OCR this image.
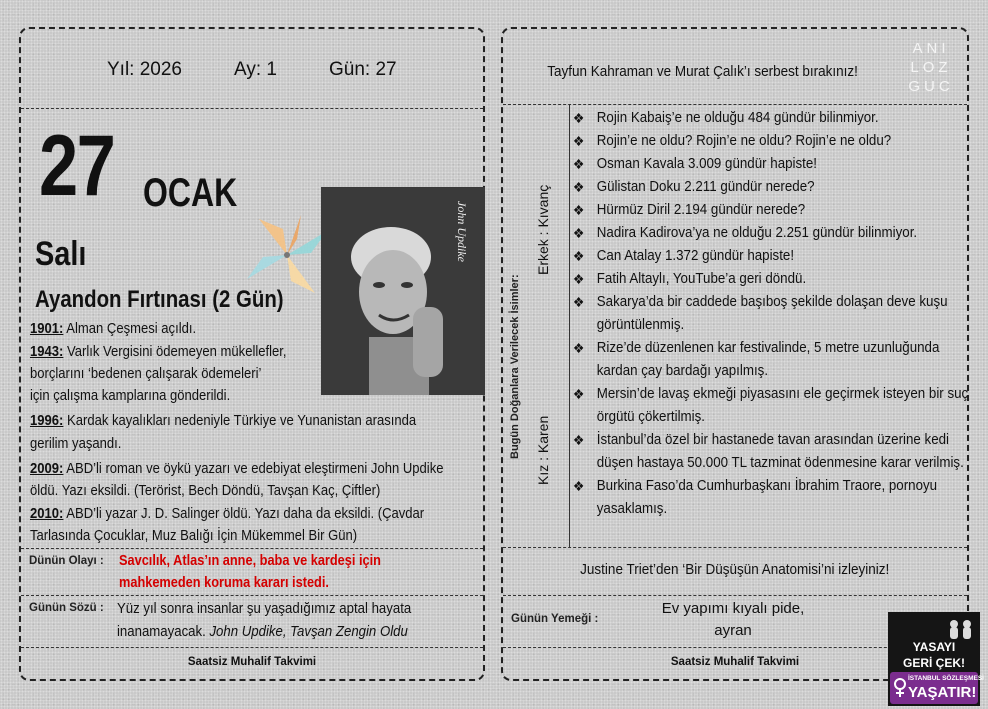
Yıl: 2026	Ay: 1	Gün: 27
27 OCAK
Salı	John Updike
Ayandon Fırtınası (2 Gün)
1901: Alman Çeşmesi açıldı.
1943: Varlık Vergisini ödemeyen mükellefler,
borçlarını ‘bedenen çalışarak ödemeleri’
için çalışma kamplarına gönderildi.
1996: Kardak kayalıkları nedeniyle Türkiye ve Yunanistan arasında
gerilim yaşandı.
2009: ABD’li roman ve öykü yazarı ve edebiyat eleştirmeni John Updike
öldü. Yazı eksildi. (Terörist, Bech Döndü, Tavşan Kaç, Çiftler)
2010: ABD’li yazar J. D. Salinger öldü. Yazı daha da eksildi. (Çavdar
Tarlasında Çocuklar, Muz Balığı İçin Mükemmel Bir Gün)
Dünün Olayı : Savcılık, Atlas’ın anne, baba ve kardeşi için
mahkemeden koruma kararı istedi.
Günün Sözü : Yüz yıl sonra insanlar şu yaşadığımız aptal hayata
inanamayacak. John Updike, Tavşan Zengin Oldu
Saatsiz Muhalif Takvimi
Tayfun Kahraman ve Murat Çalık’ı serbest bırakınız!
ANI
LOZ
GUC
Bugün Doğanlara Verilecek İsimler:
Erkek : Kıvanç
Kız : Karen
❖ Rojin Kabaiş’e ne olduğu 484 gündür bilinmiyor.
❖ Rojin’e ne oldu? Rojin’e ne oldu? Rojin’e ne oldu?
❖ Osman Kavala 3.009 gündür hapiste!
❖ Gülistan Doku 2.211 gündür nerede?
❖ Hürmüz Diril 2.194 gündür nerede?
❖ Nadira Kadirova’ya ne olduğu 2.251 gündür bilinmiyor.
❖ Can Atalay 1.372 gündür hapiste!
❖ Fatih Altaylı, YouTube’a geri döndü.
❖ Sakarya’da bir caddede başıboş şekilde dolaşan deve kuşu görüntülenmiş.
❖ Rize’de düzenlenen kar festivalinde, 5 metre uzunluğunda kardan çay bardağı yapılmış.
❖ Mersin’de lavaş ekmeği piyasasını ele geçirmek isteyen bir suç örgütü çökertilmiş.
❖ İstanbul’da özel bir hastanede tavan arasından üzerine kedi düşen hastaya 50.000 TL tazminat ödenmesine karar verilmiş.
❖ Burkina Faso’da Cumhurbaşkanı İbrahim Traore, pornoyu yasaklamış.
Justine Triet’den ‘Bir Düşüşün Anatomisi’ni izleyiniz!
Günün Yemeği :
Ev yapımı kıyalı pide,
ayran
Saatsiz Muhalif Takvimi
YASAYI
GERİ ÇEK!
İSTANBUL SÖZLEŞMESİ
YAŞATIR!
